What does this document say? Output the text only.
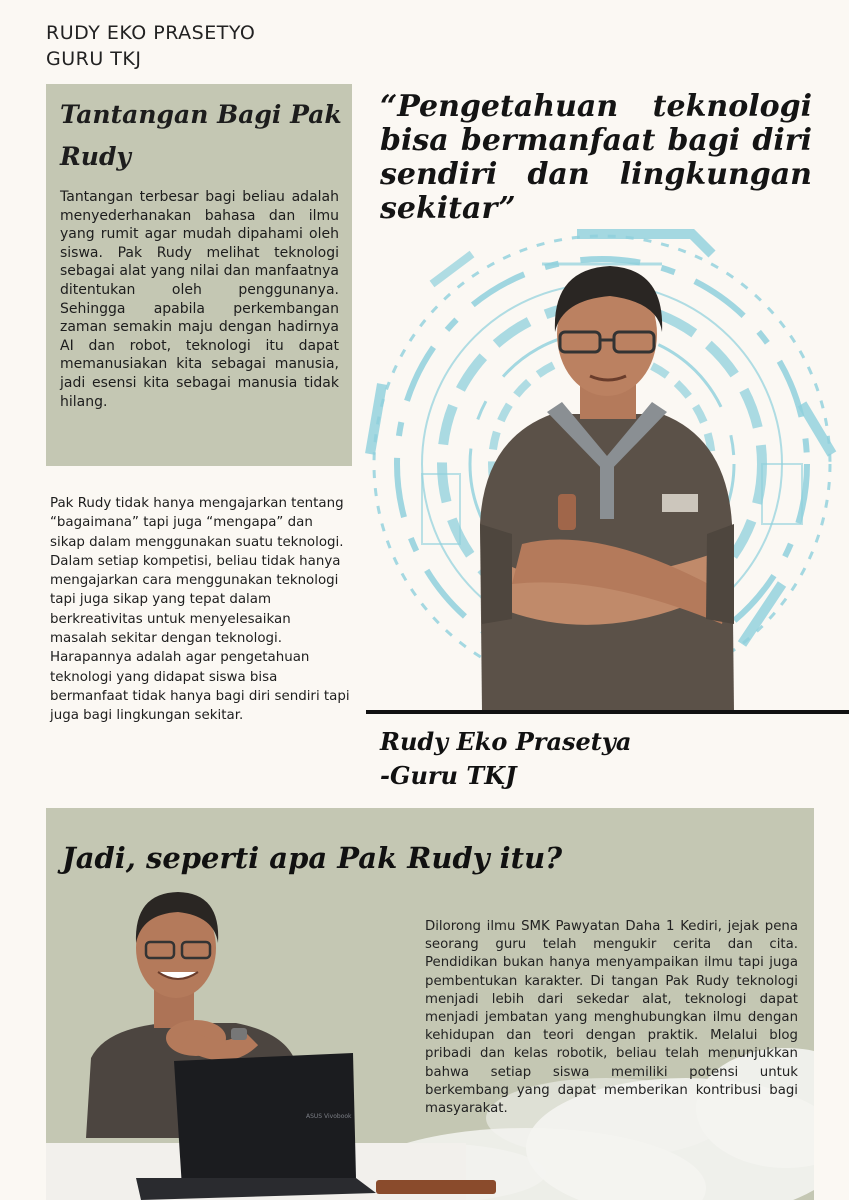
RUDY EKO PRASETYO
GURU TKJ
Tantangan Bagi Pak Rudy

Tantangan terbesar bagi beliau adalah menyederhanakan bahasa dan ilmu yang rumit agar mudah dipahami oleh siswa. Pak Rudy melihat teknologi sebagai alat yang nilai dan manfaatnya ditentukan oleh penggunanya. Sehingga apabila perkembangan zaman semakin maju dengan hadirnya AI dan robot, teknologi itu dapat memanusiakan kita sebagai manusia, jadi esensi kita sebagai manusia tidak hilang.

“Pengetahuan teknologi bisa bermanfaat bagi diri sendiri dan lingkungan sekitar”

Pak Rudy tidak hanya mengajarkan tentang “bagaimana” tapi juga “mengapa” dan sikap dalam menggunakan suatu teknologi. Dalam setiap kompetisi, beliau tidak hanya mengajarkan cara menggunakan teknologi tapi juga sikap yang tepat dalam berkreativitas untuk menyelesaikan masalah sekitar dengan teknologi. Harapannya adalah agar pengetahuan teknologi yang didapat siswa bisa bermanfaat tidak hanya bagi diri sendiri tapi juga bagi lingkungan sekitar.

Rudy Eko Prasetya
-Guru TKJ
ASUS Vivobook
Jadi, seperti apa Pak Rudy itu?

Dilorong ilmu SMK Pawyatan Daha 1 Kediri, jejak pena seorang guru telah mengukir cerita dan cita. Pendidikan bukan hanya menyampaikan ilmu tapi juga pembentukan karakter. Di tangan Pak Rudy teknologi menjadi lebih dari sekedar alat, teknologi dapat menjadi jembatan yang menghubungkan ilmu dengan kehidupan dan teori dengan praktik. Melalui blog pribadi dan kelas robotik, beliau telah menunjukkan bahwa setiap siswa memiliki potensi untuk berkembang yang dapat memberikan kontribusi bagi masyarakat.
